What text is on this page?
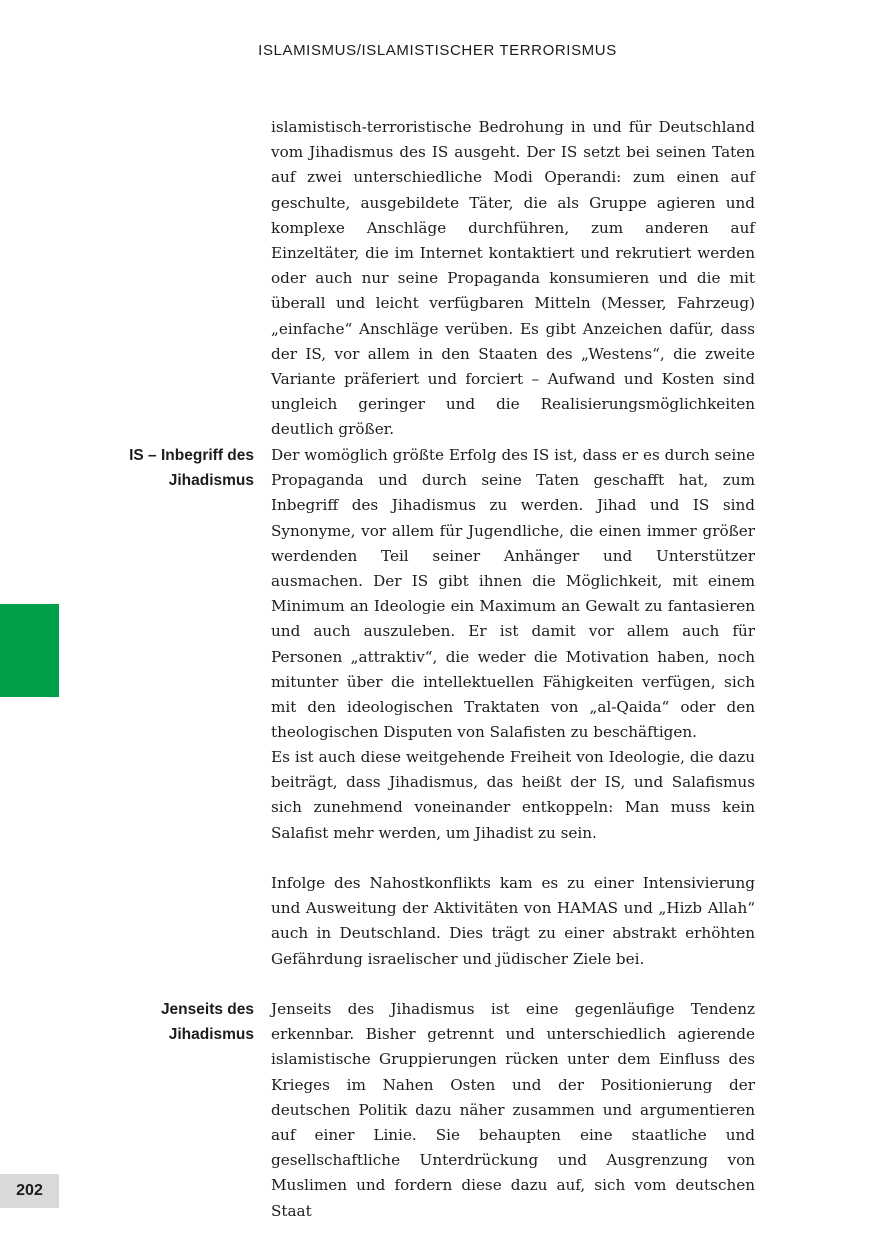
ISLAMISMUS/ISLAMISTISCHER TERRORISMUS
202

islamistisch-terroristische Bedrohung in und für Deutschland vom Jihadismus des IS ausgeht. Der IS setzt bei seinen Taten auf zwei unterschiedliche Modi Operandi: zum einen auf geschulte, ausgebildete Täter, die als Gruppe agieren und komplexe Anschläge durchführen, zum anderen auf Einzeltäter, die im Internet kontaktiert und rekrutiert werden oder auch nur seine Propaganda konsumieren und die mit überall und leicht verfügbaren Mitteln (Messer, Fahrzeug) „einfache“ Anschläge verüben. Es gibt Anzeichen dafür, dass der IS, vor allem in den Staaten des „Westens“, die zweite Variante präferiert und forciert – Aufwand und Kosten sind ungleich geringer und die Realisierungsmöglichkeiten deutlich größer.

IS – Inbegriff des
Jihadismus

Der womöglich größte Erfolg des IS ist, dass er es durch seine Propaganda und durch seine Taten geschafft hat, zum Inbegriff des Jihadismus zu werden. Jihad und IS sind Synonyme, vor allem für Jugendliche, die einen immer größer werdenden Teil seiner Anhänger und Unterstützer ausmachen. Der IS gibt ihnen die Möglichkeit, mit einem Minimum an Ideologie ein Maximum an Gewalt zu fantasieren und auch auszuleben. Er ist damit vor allem auch für Personen „attraktiv“, die weder die Motivation haben, noch mitunter über die intellektuellen Fähigkeiten verfügen, sich mit den ideologischen Traktaten von „al-Qaida“ oder den theologischen Disputen von Salafisten zu beschäftigen.

Es ist auch diese weitgehende Freiheit von Ideologie, die dazu beiträgt, dass Jihadismus, das heißt der IS, und Salafismus sich zunehmend voneinander entkoppeln: Man muss kein Salafist mehr werden, um Jihadist zu sein.

Infolge des Nahostkonflikts kam es zu einer Intensivierung und Ausweitung der Aktivitäten von HAMAS und „Hizb Allah“ auch in Deutschland. Dies trägt zu einer abstrakt erhöhten Gefährdung israelischer und jüdischer Ziele bei.

Jenseits des
Jihadismus

Jenseits des Jihadismus ist eine gegenläufige Tendenz erkennbar. Bisher getrennt und unterschiedlich agierende islamistische Gruppierungen rücken unter dem Einfluss des Krieges im Nahen Osten und der Positionierung der deutschen Politik dazu näher zusammen und argumentieren auf einer Linie. Sie behaupten eine staatliche und gesellschaftliche Unterdrückung und Ausgrenzung von Muslimen und fordern diese dazu auf, sich vom deutschen Staat
